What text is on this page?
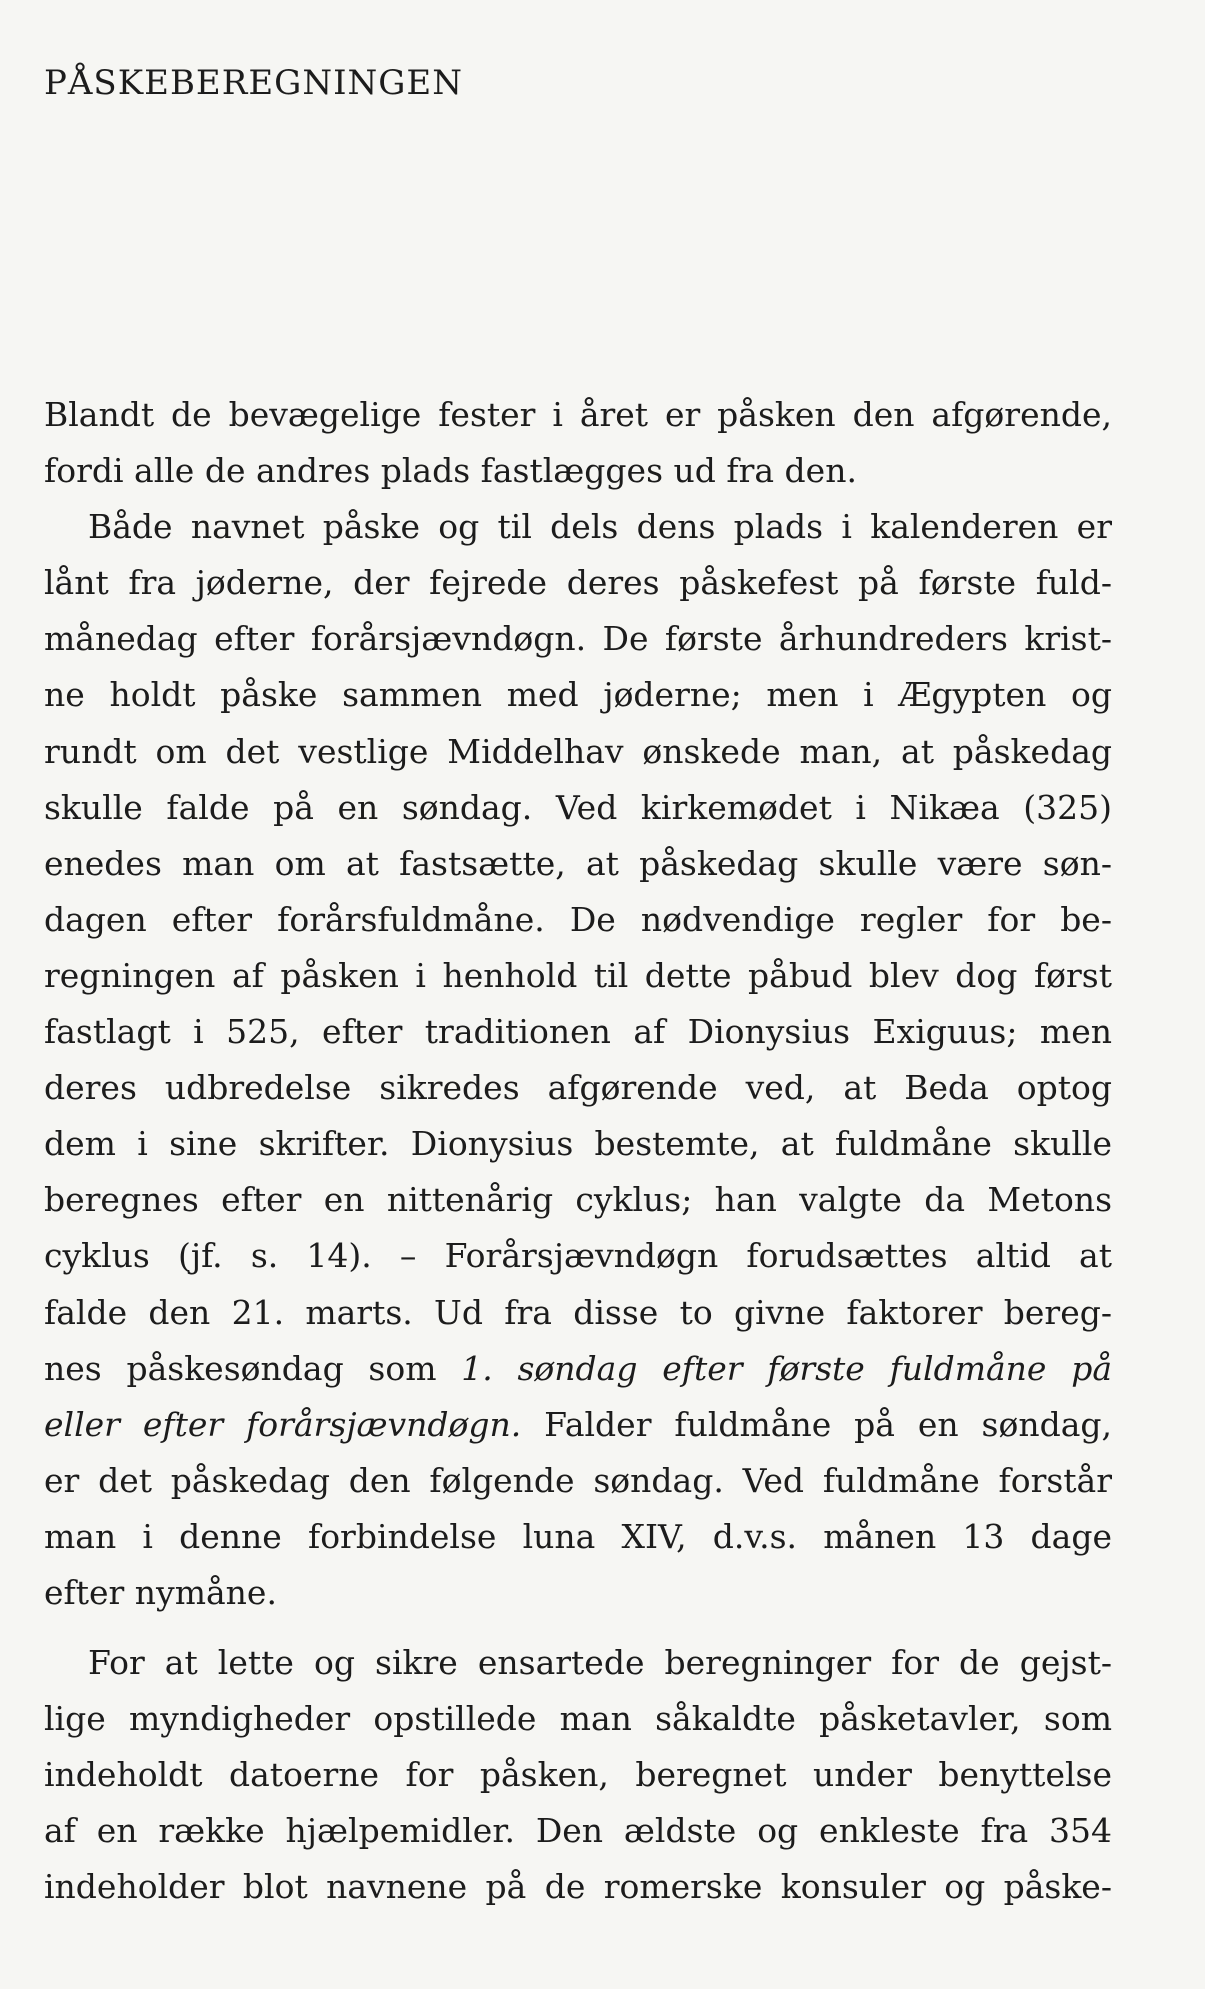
PÅSKEBEREGNINGEN
Blandt de bevægelige fester i året er påsken den afgørende,
fordi alle de andres plads fastlægges ud fra den.
Både navnet påske og til dels dens plads i kalenderen er
lånt fra jøderne, der fejrede deres påskefest på første fuld-
månedag efter forårsjævndøgn. De første århundreders krist-
ne holdt påske sammen med jøderne; men i Ægypten og
rundt om det vestlige Middelhav ønskede man, at påskedag
skulle falde på en søndag. Ved kirkemødet i Nikæa (325)
enedes man om at fastsætte, at påskedag skulle være søn-
dagen efter forårsfuldmåne. De nødvendige regler for be-
regningen af påsken i henhold til dette påbud blev dog først
fastlagt i 525, efter traditionen af Dionysius Exiguus; men
deres udbredelse sikredes afgørende ved, at Beda optog
dem i sine skrifter. Dionysius bestemte, at fuldmåne skulle
beregnes efter en nittenårig cyklus; han valgte da Metons
cyklus (jf. s. 14). – Forårsjævndøgn forudsættes altid at
falde den 21. marts. Ud fra disse to givne faktorer bereg-
nes påskesøndag som 1. søndag efter første fuldmåne på
eller efter forårsjævndøgn. Falder fuldmåne på en søndag,
er det påskedag den følgende søndag. Ved fuldmåne forstår
man i denne forbindelse luna XIV, d.v.s. månen 13 dage
efter nymåne.
For at lette og sikre ensartede beregninger for de gejst-
lige myndigheder opstillede man såkaldte påsketavler, som
indeholdt datoerne for påsken, beregnet under benyttelse
af en række hjælpemidler. Den ældste og enkleste fra 354
indeholder blot navnene på de romerske konsuler og påske-
